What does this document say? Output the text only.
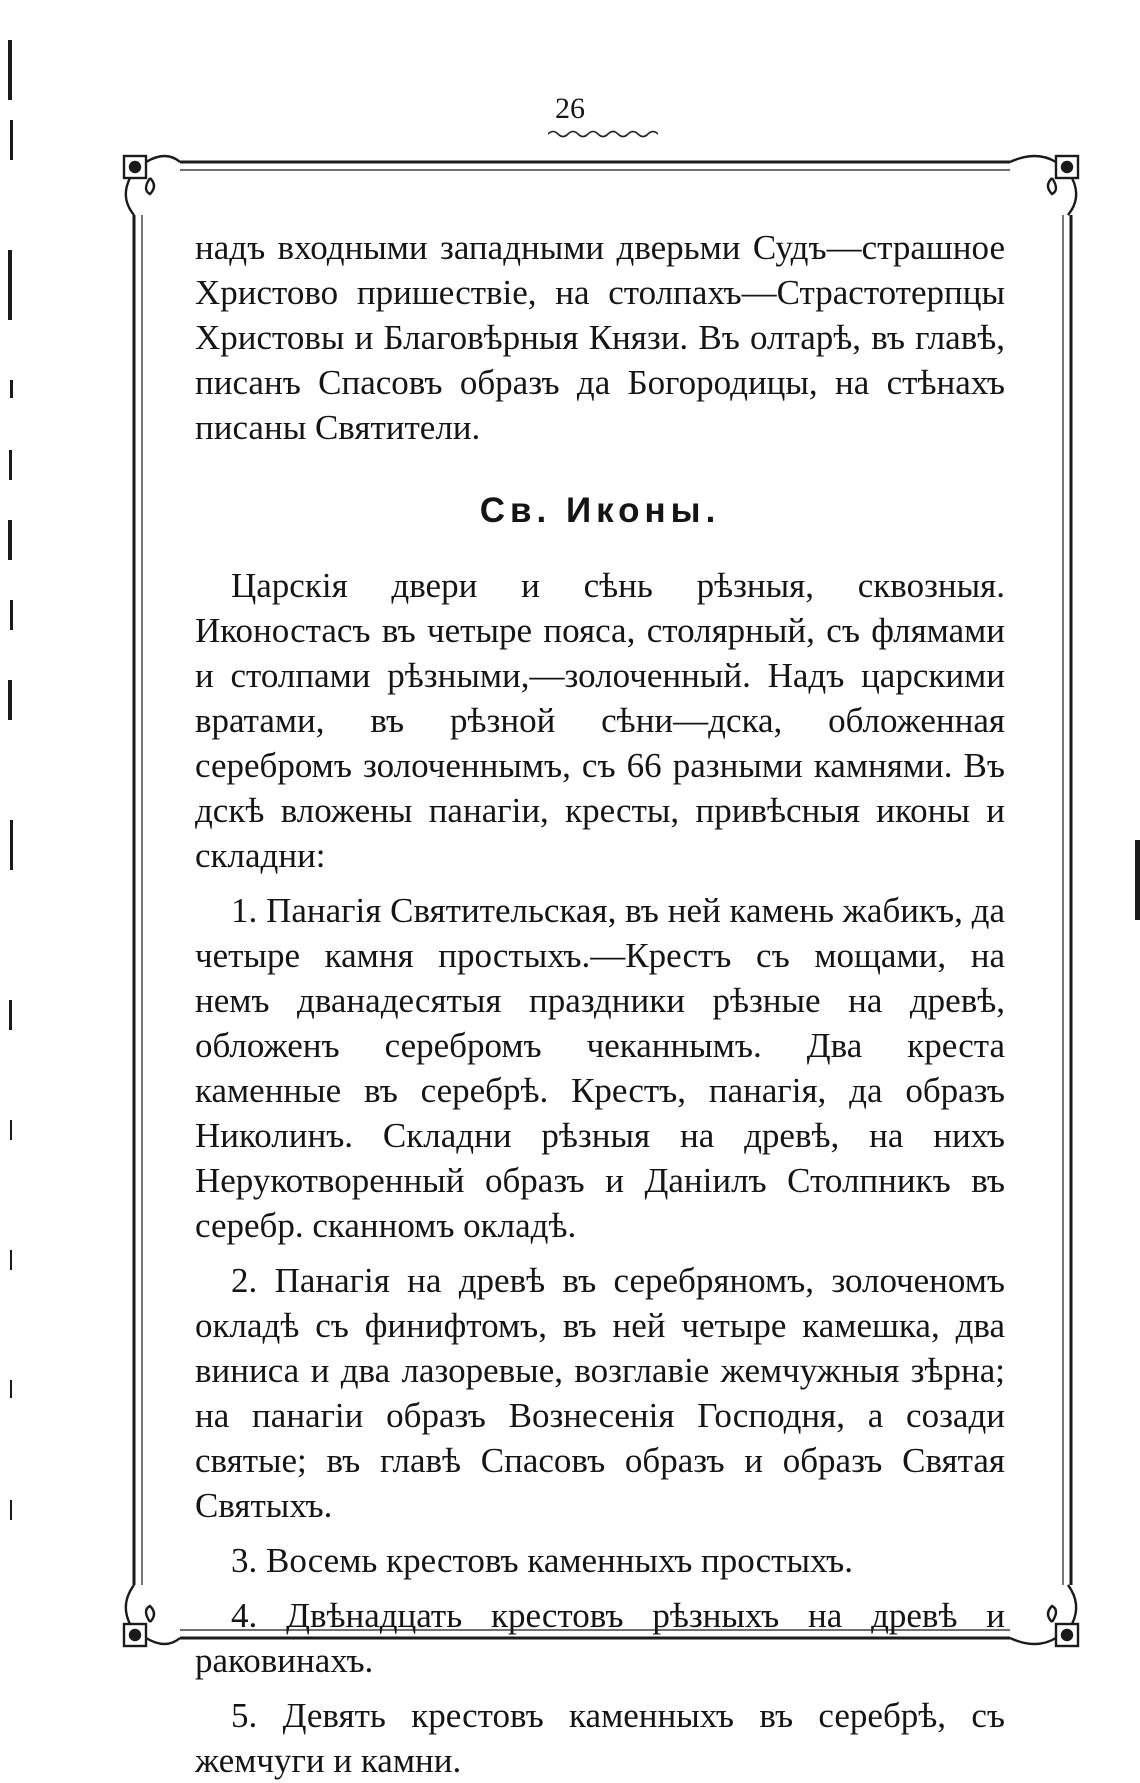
26

надъ входными западными дверьми Судъ—страшное Христово пришествiе, на столпахъ—Страстотерпцы Христовы и Благовѣрныя Князи. Въ олтарѣ, въ главѣ, писанъ Спасовъ образъ да Богородицы, на стѣнахъ писаны Святители.

Св. Иконы.

Царскiя двери и сѣнь рѣзныя, сквозныя. Иконостасъ въ четыре пояса, столярный, съ флямами и столпами рѣзными,—золоченный. Надъ царскими вратами, въ рѣзной сѣни—дска, обложенная серебромъ золоченнымъ, съ 66 разными камнями. Въ дскѣ вложены панагiи, кресты, привѣсныя иконы и складни:

1. Панагiя Святительская, въ ней камень жабикъ, да четыре камня простыхъ.—Крестъ съ мощами, на немъ дванадесятыя праздники рѣзные на древѣ, обложенъ серебромъ чеканнымъ. Два креста каменные въ серебрѣ. Крестъ, панагiя, да образъ Николинъ. Складни рѣзныя на древѣ, на нихъ Нерукотворенный образъ и Даніилъ Столпникъ въ серебр. сканномъ окладѣ.

2. Панагiя на древѣ въ серебряномъ, золоченомъ окладѣ съ финифтомъ, въ ней четыре камешка, два виниса и два лазоревые, возглавiе жемчужныя зѣрна; на панагiи образъ Вознесенiя Господня, а созади святые; въ главѣ Спасовъ образъ и образъ Святая Святыхъ.

3. Восемь крестовъ каменныхъ простыхъ.

4. Двѣнадцать крестовъ рѣзныхъ на древѣ и раковинахъ.

5. Девять крестовъ каменныхъ въ серебрѣ, съ жемчуги и камни.
